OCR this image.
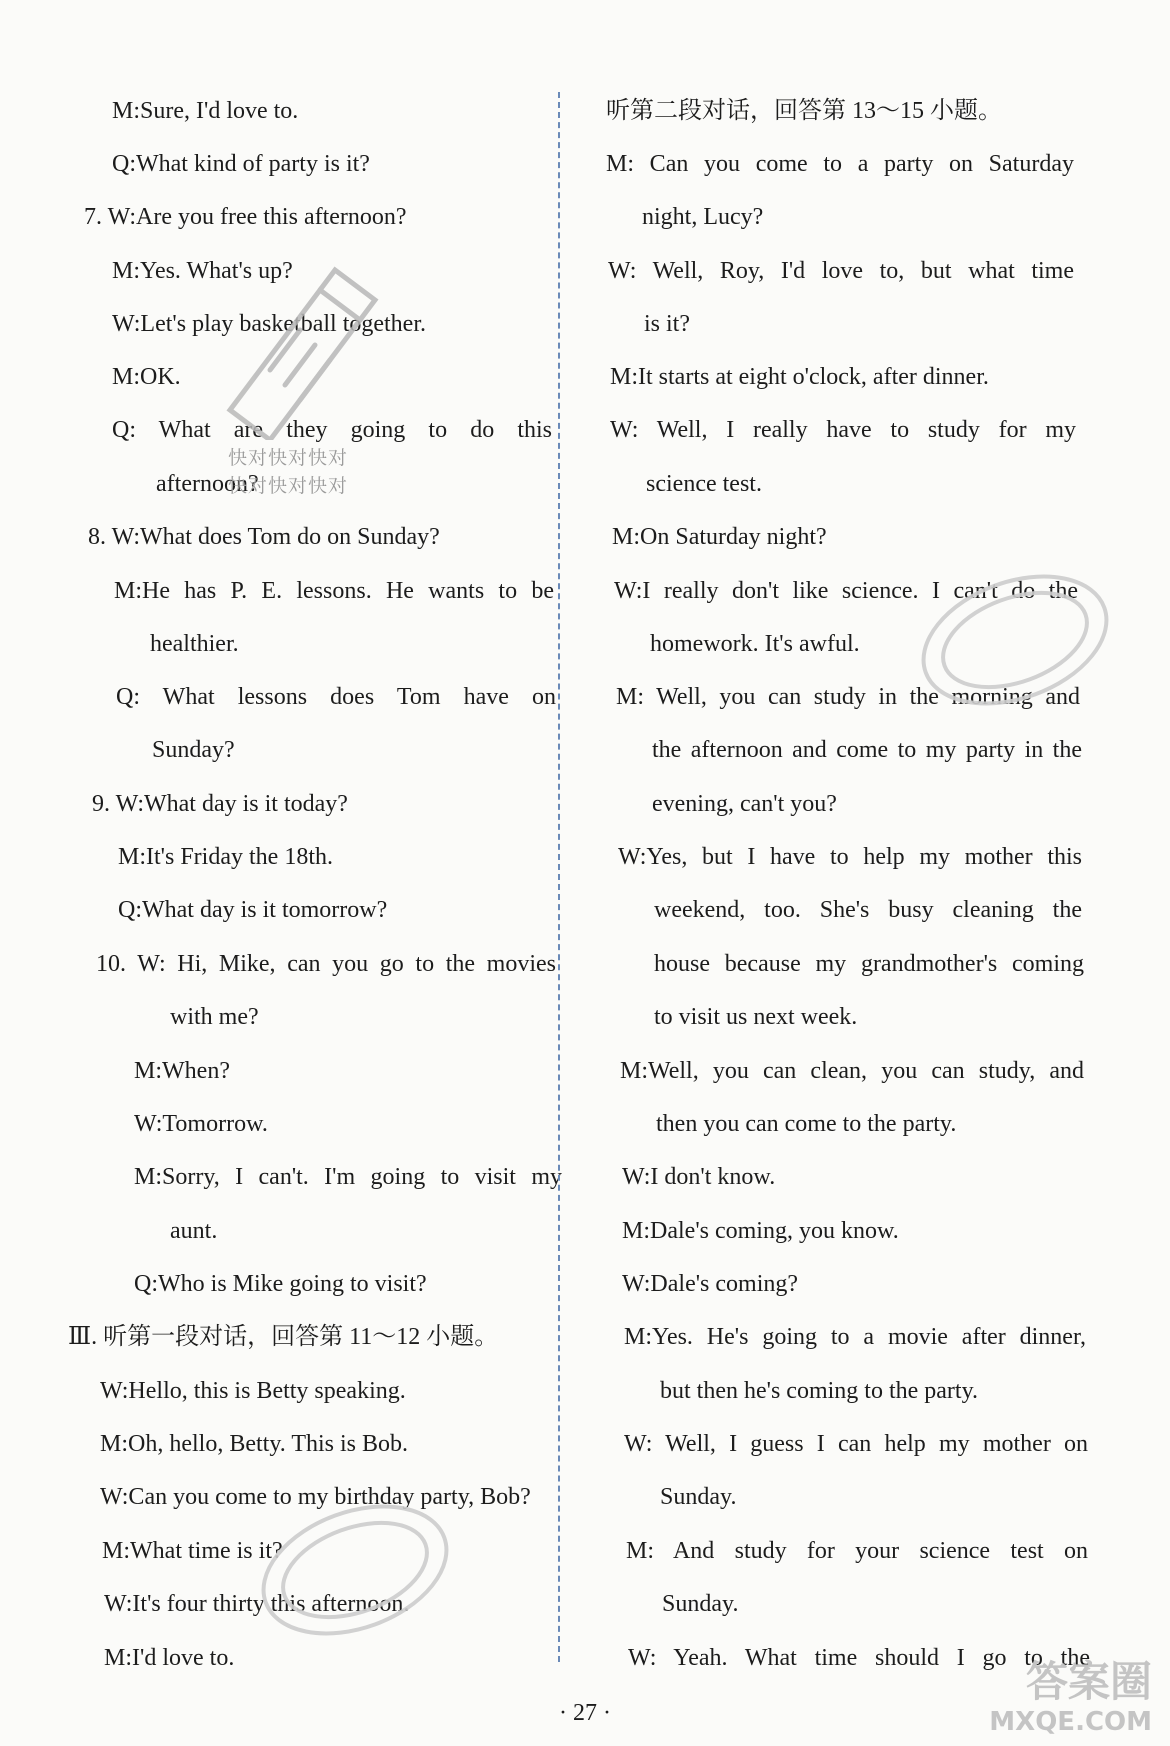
M:Sure, I'd love to.
Q:What kind of party is it?
7. W:Are you free this afternoon?
M:Yes. What's up?
W:Let's play basketball together.
M:OK.
Q: What are they going to do this
afternoon?
8. W:What does Tom do on Sunday?
M:He has P. E. lessons. He wants to be
healthier.
Q: What lessons does Tom have on
Sunday?
9. W:What day is it today?
M:It's Friday the 18th.
Q:What day is it tomorrow?
10. W: Hi, Mike, can you go to the movies
with me?
M:When?
W:Tomorrow.
M:Sorry, I can't. I'm going to visit my
aunt.
Q:Who is Mike going to visit?
Ⅲ. 听第一段对话，回答第 11～12 小题。
W:Hello, this is Betty speaking.
M:Oh, hello, Betty. This is Bob.
W:Can you come to my birthday party, Bob?
M:What time is it?
W:It's four thirty this afternoon.
M:I'd love to.
听第二段对话，回答第 13～15 小题。
M: Can you come to a party on Saturday
night, Lucy?
W: Well, Roy, I'd love to, but what time
is it?
M:It starts at eight o'clock, after dinner.
W: Well, I really have to study for my
science test.
M:On Saturday night?
W:I really don't like science. I can't do the
homework. It's awful.
M: Well, you can study in the morning and
the afternoon and come to my party in the
evening, can't you?
W:Yes, but I have to help my mother this
weekend, too. She's busy cleaning the
house because my grandmother's coming
to visit us next week.
M:Well, you can clean, you can study, and
then you can come to the party.
W:I don't know.
M:Dale's coming, you know.
W:Dale's coming?
M:Yes. He's going to a movie after dinner,
but then he's coming to the party.
W: Well, I guess I can help my mother on
Sunday.
M: And study for your science test on
Sunday.
W: Yeah. What time should I go to the
快对快对快对
快对快对快对
· 27 ·
答案圈
MXQE.COM
